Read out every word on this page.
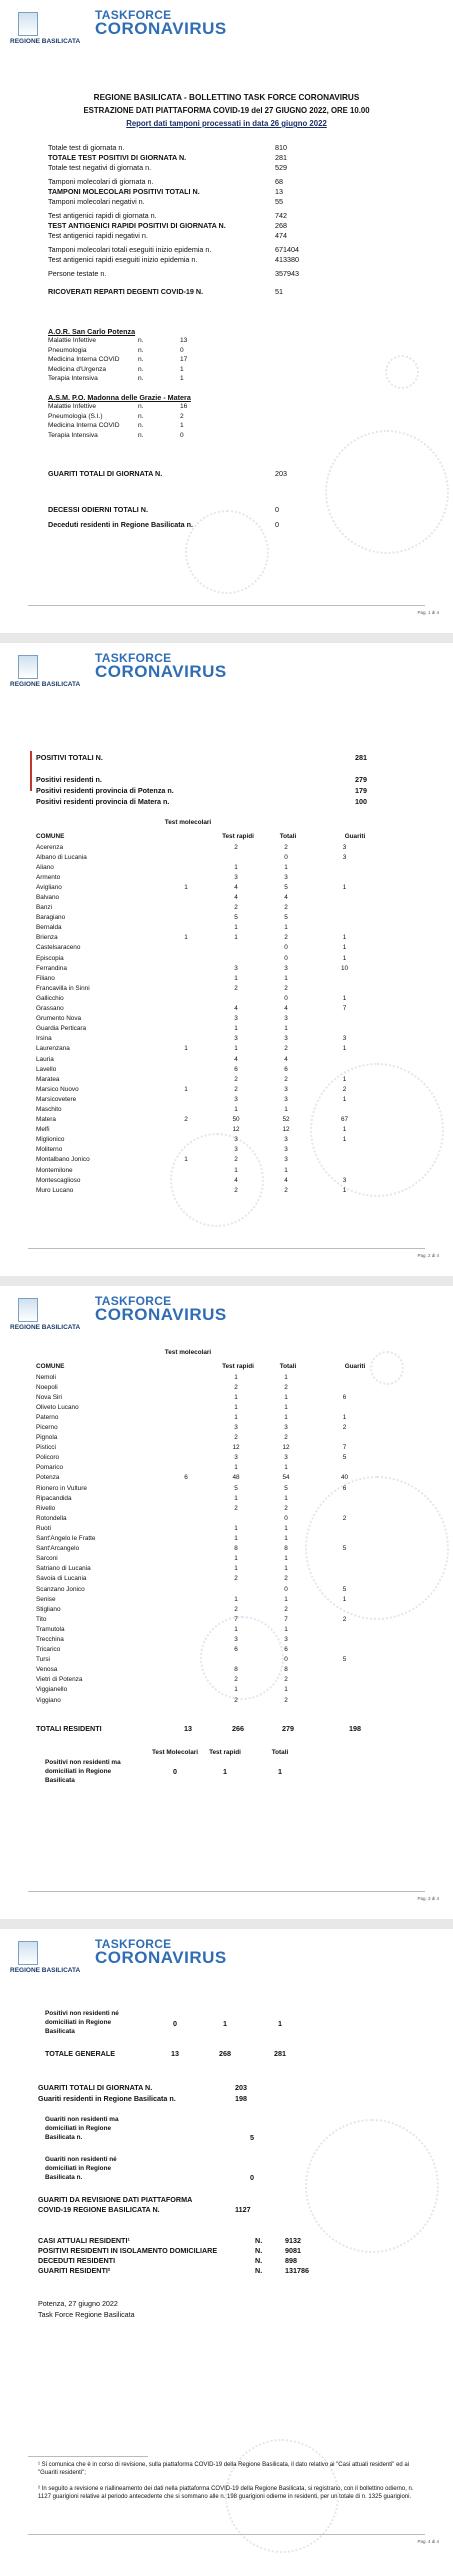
REGIONE BASILICATA
TASKFORCE
CORONAVIRUS
REGIONE BASILICATA - BOLLETTINO TASK FORCE CORONAVIRUS
ESTRAZIONE DATI PIATTAFORMA COVID-19 del 27 GIUGNO 2022, ORE 10.00
Report dati tamponi processati in data 26 giugno 2022
Totale test di giornata n.	810
TOTALE TEST POSITIVI DI GIORNATA N.	281
Totale test negativi di giornata n.	529
Tamponi molecolari di giornata n.	68
TAMPONI MOLECOLARI POSITIVI TOTALI N.	13
Tamponi molecolari negativi n.	55
Test antigenici rapidi di giornata n.	742
TEST ANTIGENICI RAPIDI POSITIVI DI GIORNATA N.	268
Test antigenici rapidi negativi n.	474
Tamponi molecolari totali eseguiti inizio epidemia n.	671404
Test antigenici rapidi eseguiti inizio epidemia n.	413380
Persone testate n.	357943
RICOVERATI REPARTI DEGENTI COVID-19 N.	51
A.O.R. San Carlo Potenza
Malattie Infettive	n.	13
Pneumologia	n.	0
Medicina Interna COVID	n.	17
Medicina d'Urgenza	n.	1
Terapia Intensiva	n.	1
A.S.M. P.O. Madonna delle Grazie - Matera
Malattie Infettive	n.	16
Pneumologia (S.I.)	n.	2
Medicina Interna COVID	n.	1
Terapia Intensiva	n.	0
GUARITI TOTALI DI GIORNATA N.	203
DECESSI ODIERNI TOTALI N.	0
Deceduti residenti in Regione Basilicata n.	0
Pag. 1 di 4
REGIONE BASILICATA
TASKFORCE
CORONAVIRUS
POSITIVI TOTALI N.	281
Positivi residenti n.	279
Positivi residenti provincia di Potenza n.	179
Positivi residenti provincia di Matera n.	100
Test molecolari
COMUNE	Test rapidi	Totali	Guariti
Acerenza		2	2	3
Albano di Lucania			0	3
Aliano		1	1	
Armento		3	3	
Avigliano	1	4	5	1
Balvano		4	4	
Banzi		2	2	
Baragiano		5	5	
Bernalda		1	1	
Brienza	1	1	2	1
Castelsaraceno			0	1
Episcopia			0	1
Ferrandina		3	3	10
Filiano		1	1	
Francavilla in Sinni		2	2	
Gallicchio			0	1
Grassano		4	4	7
Grumento Nova		3	3	
Guardia Perticara		1	1	
Irsina		3	3	3
Laurenzana	1	1	2	1
Lauria		4	4	
Lavello		6	6	
Maratea		2	2	1
Marsico Nuovo	1	2	3	2
Marsicovetere		3	3	1
Maschito		1	1	
Matera	2	50	52	67
Melfi		12	12	1
Miglionico		3	3	1
Moliterno		3	3	
Montalbano Jonico	1	2	3	
Montemilone		1	1	
Montescaglioso		4	4	3
Muro Lucano		2	2	1
Pag. 2 di 4
REGIONE BASILICATA
TASKFORCE
CORONAVIRUS
Test molecolari
COMUNE	Test rapidi	Totali	Guariti
Nemoli		1	1	
Noepoli		2	2	
Nova Siri		1	1	6
Oliveto Lucano		1	1	
Paterno		1	1	1
Picerno		3	3	2
Pignola		2	2	
Pisticci		12	12	7
Policoro		3	3	5
Pomarico		1	1	
Potenza	6	48	54	40
Rionero in Vulture		5	5	6
Ripacandida		1	1	
Rivello		2	2	
Rotondella			0	2
Ruoti		1	1	
Sant'Angelo le Fratte		1	1	
Sant'Arcangelo		8	8	5
Sarconi		1	1	
Satriano di Lucania		1	1	
Savoia di Lucania		2	2	
Scanzano Jonico			0	5
Senise		1	1	1
Stigliano		2	2	
Tito		7	7	2
Tramutola		1	1	
Trecchina		3	3	
Tricarico		6	6	
Tursi			0	5
Venosa		8	8	
Vietri di Potenza		2	2	
Viggianello		1	1	
Viggiano		2	2	
TOTALI RESIDENTI	13	266	279	198
Test Molecolari	Test rapidi	Totali
Positivi non residenti ma domiciliati in Regione Basilicata
0	1	1
Pag. 3 di 4
REGIONE BASILICATA
TASKFORCE
CORONAVIRUS
Positivi non residenti né domiciliati in Regione Basilicata
0	1	1
TOTALE GENERALE	13	268	281
GUARITI TOTALI DI GIORNATA N.	203
Guariti residenti in Regione Basilicata n.	198
Guariti non residenti ma domiciliati in Regione Basilicata n.	5
Guariti non residenti né domiciliati in Regione Basilicata n.	0
GUARITI DA REVISIONE DATI PIATTAFORMA COVID-19 REGIONE BASILICATA N.	1127
CASI ATTUALI RESIDENTI¹	N.	9132
POSITIVI RESIDENTI IN ISOLAMENTO DOMICILIARE	N.	9081
DECEDUTI RESIDENTI	N.	898
GUARITI RESIDENTI²	N.	131786
Potenza, 27 giugno 2022
Task Force Regione Basilicata
¹ Si comunica che è in corso di revisione, sulla piattaforma COVID-19 della Regione Basilicata, il dato relativo ai "Casi attuali residenti" ed ai "Guariti residenti";
² In seguito a revisione e riallineamento dei dati nella piattaforma COVID-19 della Regione Basilicata, si registrano, con il bollettino odierno, n. 1127 guarigioni relative al periodo antecedente che si sommano alle n. 198 guarigioni odierne in residenti, per un totale di n. 1325 guarigioni.
Pag. 4 di 4
